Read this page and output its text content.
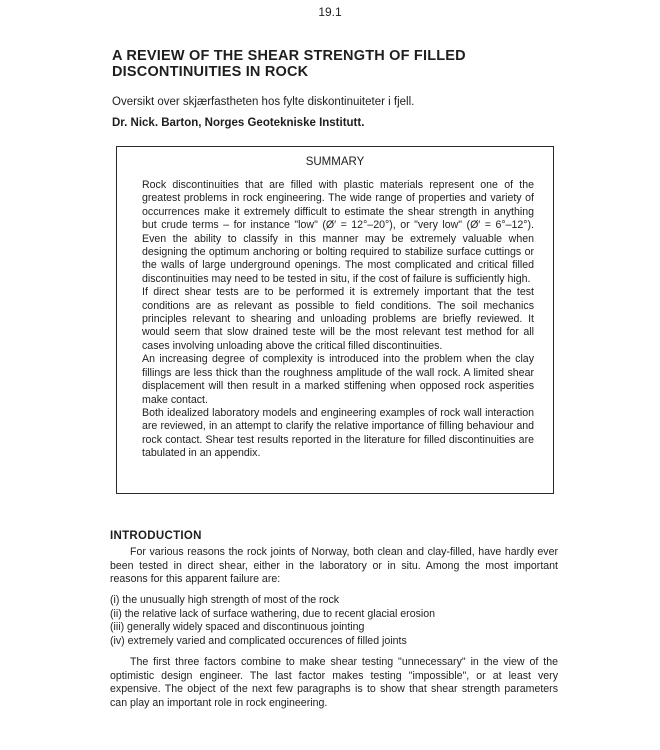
19.1
A REVIEW OF THE SHEAR STRENGTH OF FILLED DISCONTINUITIES IN ROCK
Oversikt over skjærfastheten hos fylte diskontinuiteter i fjell.
Dr. Nick. Barton, Norges Geotekniske Institutt.
SUMMARY

Rock discontinuities that are filled with plastic materials represent one of the greatest problems in rock engineering. The wide range of properties and variety of occurrences make it extremely difficult to estimate the shear strength in anything but crude terms – for instance "low" (Ø′ = 12°–20°), or "very low" (Ø′ = 6°–12°). Even the ability to classify in this manner may be extremely valuable when designing the optimum anchoring or bolting required to stabilize surface cuttings or the walls of large underground openings. The most complicated and critical filled discontinuities may need to be tested in situ, if the cost of failure is sufficiently high.

If direct shear tests are to be performed it is extremely important that the test conditions are as relevant as possible to field conditions. The soil mechanics principles relevant to shearing and unloading problems are briefly reviewed. It would seem that slow drained teste will be the most relevant test method for all cases involving unloading above the critical filled discontinuities.

An increasing degree of complexity is introduced into the problem when the clay fillings are less thick than the roughness amplitude of the wall rock. A limited shear displacement will then result in a marked stiffening when opposed rock asperities make contact.

Both idealized laboratory models and engineering examples of rock wall interaction are reviewed, in an attempt to clarify the relative importance of filling behaviour and rock contact. Shear test results reported in the literature for filled discontinuities are tabulated in an appendix.

INTRODUCTION

For various reasons the rock joints of Norway, both clean and clay-filled, have hardly ever been tested in direct shear, either in the laboratory or in situ. Among the most important reasons for this apparent failure are:

(i) the unusually high strength of most of the rock
(ii) the relative lack of surface wathering, due to recent glacial erosion
(iii) generally widely spaced and discontinuous jointing
(iv) extremely varied and complicated occurences of filled joints

The first three factors combine to make shear testing "unnecessary" in the view of the optimistic design engineer. The last factor makes testing "impossible", or at least very expensive. The object of the next few paragraphs is to show that shear strength parameters can play an important role in rock engineering.
